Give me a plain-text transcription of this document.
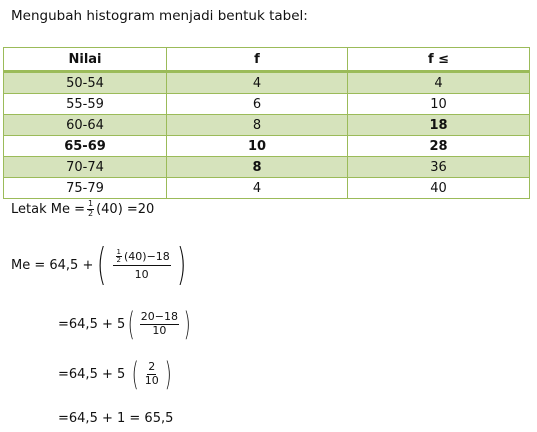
Mengubah histogram menjadi bentuk tabel:
Nilai	f	f ≤
50-54	4	4
55-59	6	10
60-64	8	18
65-69	10	28
70-74	8	36
75-79	4	40
Letak $Me = \frac{1}{2} (40) =20$
Me = 64,5 + ( $\frac{\frac{1}{2} (40)-18}{10}$ )
=64,5 + 5 ( $\frac{20-18}{10}$ )
=64,5 + 5 ( $\frac{2}{10}$ )
=64,5 + 1 = 65,5
